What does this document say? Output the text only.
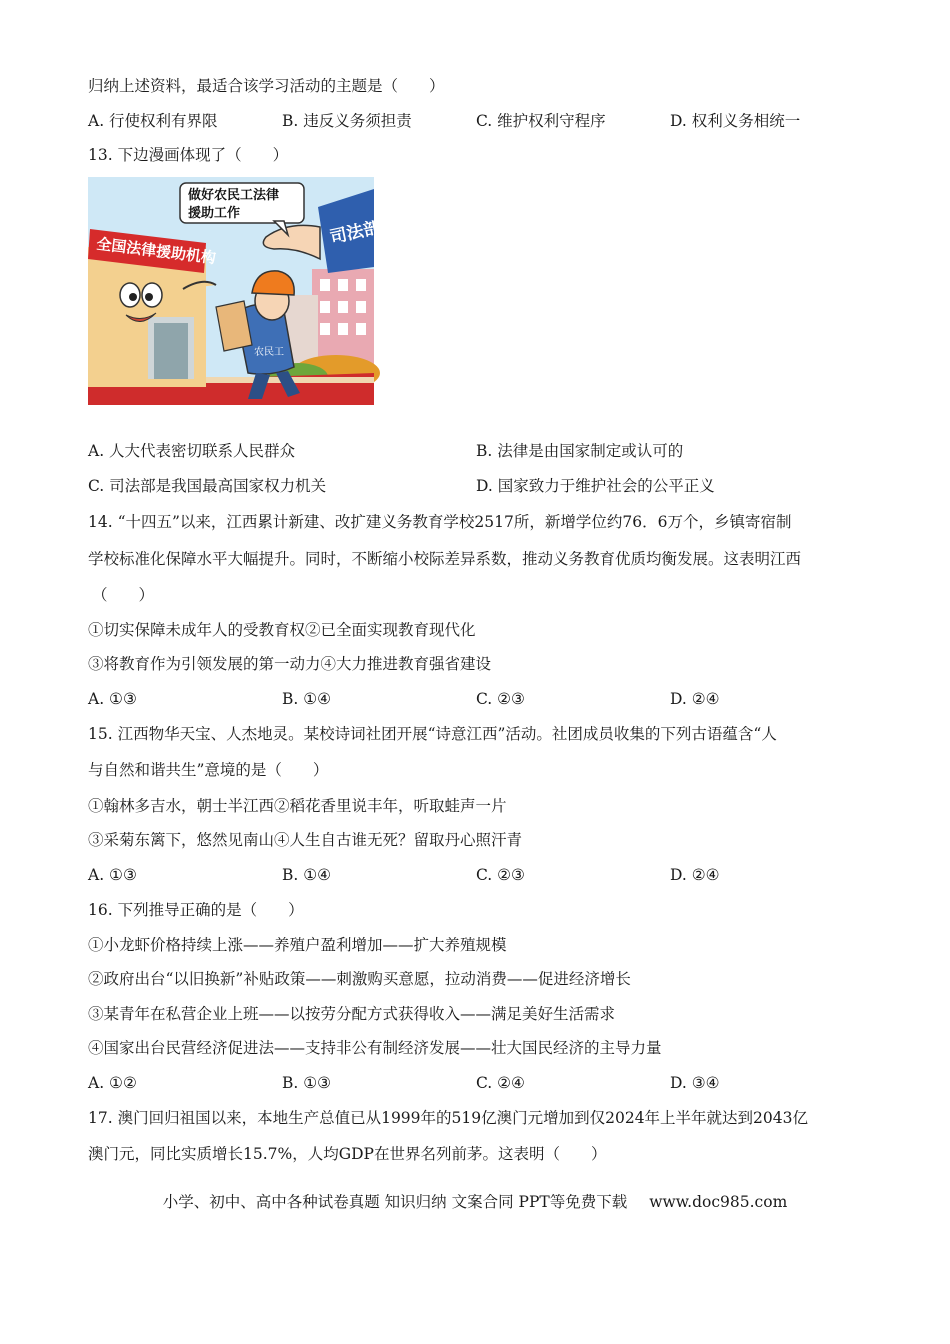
归纳上述资料，最适合该学习活动的主题是（　　）
A. 行使权利有界限	B. 违反义务须担责	C. 维护权利守程序	D. 权利义务相统一
13. 下边漫画体现了（　　）
全国法律援助机构
司法部
做好农民工法律
援助工作
农民工
A. 人大代表密切联系人民群众	B. 法律是由国家制定或认可的
C. 司法部是我国最高国家权力机关	D. 国家致力于维护社会的公平正义
14. “十四五”以来，江西累计新建、改扩建义务教育学校2517所，新增学位约76．6万个，乡镇寄宿制
学校标准化保障水平大幅提升。同时，不断缩小校际差异系数，推动义务教育优质均衡发展。这表明江西
（　　）
①切实保障未成年人的受教育权②已全面实现教育现代化
③将教育作为引领发展的第一动力④大力推进教育强省建设
A. ①③	B. ①④	C. ②③	D. ②④
15. 江西物华天宝、人杰地灵。某校诗词社团开展“诗意江西”活动。社团成员收集的下列古语蕴含“人
与自然和谐共生”意境的是（　　）
①翰林多吉水，朝士半江西②稻花香里说丰年，听取蛙声一片
③采菊东篱下，悠然见南山④人生自古谁无死？留取丹心照汗青
A. ①③	B. ①④	C. ②③	D. ②④
16. 下列推导正确的是（　　）
①小龙虾价格持续上涨——养殖户盈利增加——扩大养殖规模
②政府出台“以旧换新”补贴政策——刺激购买意愿，拉动消费——促进经济增长
③某青年在私营企业上班——以按劳分配方式获得收入——满足美好生活需求
④国家出台民营经济促进法——支持非公有制经济发展——壮大国民经济的主导力量
A. ①②	B. ①③	C. ②④	D. ③④
17. 澳门回归祖国以来，本地生产总值已从1999年的519亿澳门元增加到仅2024年上半年就达到2043亿
澳门元，同比实质增长15.7%，人均GDP在世界名列前茅。这表明（　　）
小学、初中、高中各种试卷真题 知识归纳 文案合同 PPT等免费下载 www.doc985.com
